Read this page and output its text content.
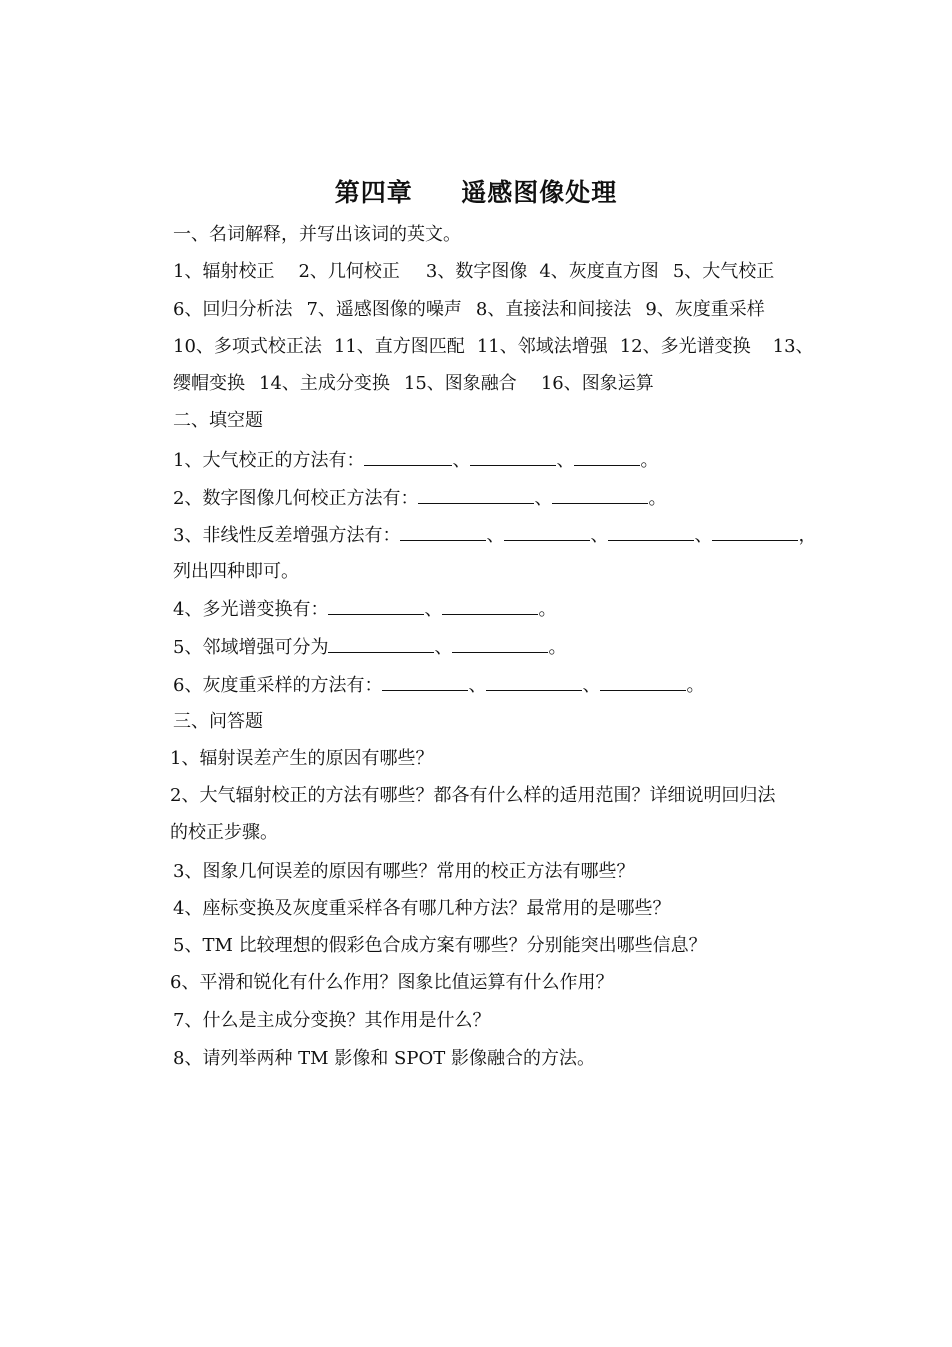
第四章     遥感图像处理
一、名词解释，并写出该词的英文。
1、辐射校正 2、几何校正 3、数字图像 4、灰度直方图 5、大气校正
6、回归分析法 7、遥感图像的噪声 8、直接法和间接法 9、灰度重采样
10、多项式校正法 11、直方图匹配 11、邻域法增强 12、多光谱变换 13、
缨帽变换 14、主成分变换 15、图象融合 16、图象运算
二、填空题
1、大气校正的方法有：	、	、	。
2、数字图像几何校正方法有：	、	。
3、非线性反差增强方法有：	、	、	、	，
列出四种即可。
4、多光谱变换有：	、	。
5、邻域增强可分为	、	。
6、灰度重采样的方法有：	、	、	。
三、问答题
1、辐射误差产生的原因有哪些？
2、大气辐射校正的方法有哪些？都各有什么样的适用范围？详细说明回归法
的校正步骤。
3、图象几何误差的原因有哪些？常用的校正方法有哪些？
4、座标变换及灰度重采样各有哪几种方法？最常用的是哪些？
5、TM 比较理想的假彩色合成方案有哪些？分别能突出哪些信息？
6、平滑和锐化有什么作用？图象比值运算有什么作用？
7、什么是主成分变换？其作用是什么？
8、请列举两种 TM 影像和 SPOT 影像融合的方法。
